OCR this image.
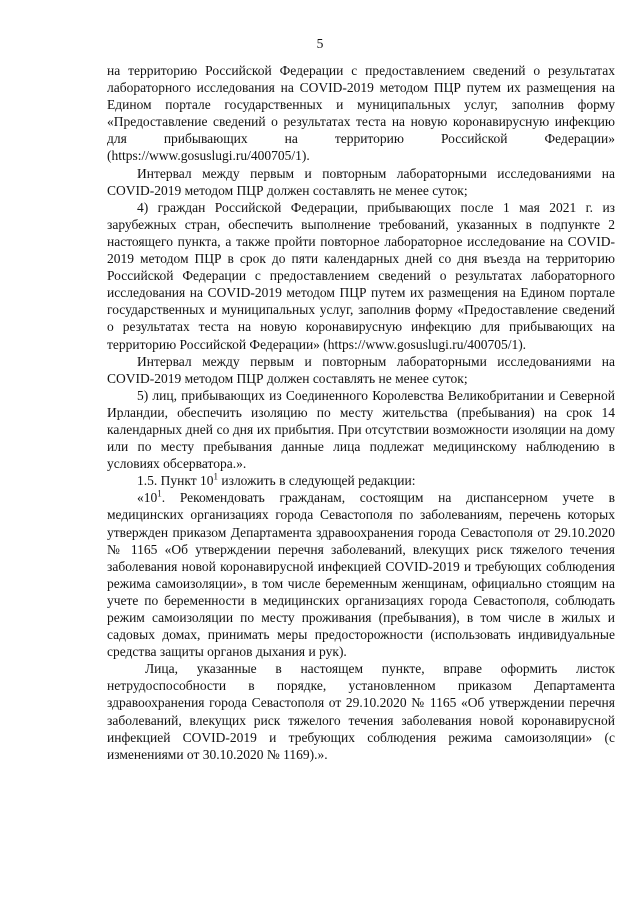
5

на территорию Российской Федерации с предоставлением сведений о результатах лабораторного исследования на COVID-2019 методом ПЦР путем их размещения на Едином портале государственных и муниципальных услуг, заполнив форму «Предоставление сведений о результатах теста на новую коронавирусную инфекцию для прибывающих на территорию Российской Федерации» (https://www.gosuslugi.ru/400705/1).

Интервал между первым и повторным лабораторными исследованиями на COVID-2019 методом ПЦР должен составлять не менее суток;

4) граждан Российской Федерации, прибывающих после 1 мая 2021 г. из зарубежных стран, обеспечить выполнение требований, указанных в подпункте 2 настоящего пункта, а также пройти повторное лабораторное исследование на COVID-2019 методом ПЦР в срок до пяти календарных дней со дня въезда на территорию Российской Федерации с предоставлением сведений о результатах лабораторного исследования на COVID-2019 методом ПЦР путем их размещения на Едином портале государственных и муниципальных услуг, заполнив форму «Предоставление сведений о результатах теста на новую коронавирусную инфекцию для прибывающих на территорию Российской Федерации» (https://www.gosuslugi.ru/400705/1).

Интервал между первым и повторным лабораторными исследованиями на COVID-2019 методом ПЦР должен составлять не менее суток;

5) лиц, прибывающих из Соединенного Королевства Великобритании и Северной Ирландии, обеспечить изоляцию по месту жительства (пребывания) на срок 14 календарных дней со дня их прибытия. При отсутствии возможности изоляции на дому или по месту пребывания данные лица подлежат медицинскому наблюдению в условиях обсерватора.».

1.5. Пункт $10^1$ изложить в следующей редакции:

«$10^1$. Рекомендовать гражданам, состоящим на диспансерном учете в медицинских организациях города Севастополя по заболеваниям, перечень которых утвержден приказом Департамента здравоохранения города Севастополя от 29.10.2020 № 1165 «Об утверждении перечня заболеваний, влекущих риск тяжелого течения заболевания новой коронавирусной инфекцией COVID-2019 и требующих соблюдения режима самоизоляции», в том числе беременным женщинам, официально стоящим на учете по беременности в медицинских организациях города Севастополя, соблюдать режим самоизоляции по месту проживания (пребывания), в том числе в жилых и садовых домах, принимать меры предосторожности (использовать индивидуальные средства защиты органов дыхания и рук).

Лица, указанные в настоящем пункте, вправе оформить листок нетрудоспособности в порядке, установленном приказом Департамента здравоохранения города Севастополя от 29.10.2020 № 1165 «Об утверждении перечня заболеваний, влекущих риск тяжелого течения заболевания новой коронавирусной инфекцией COVID-2019 и требующих соблюдения режима самоизоляции» (с изменениями от 30.10.2020 № 1169).».
